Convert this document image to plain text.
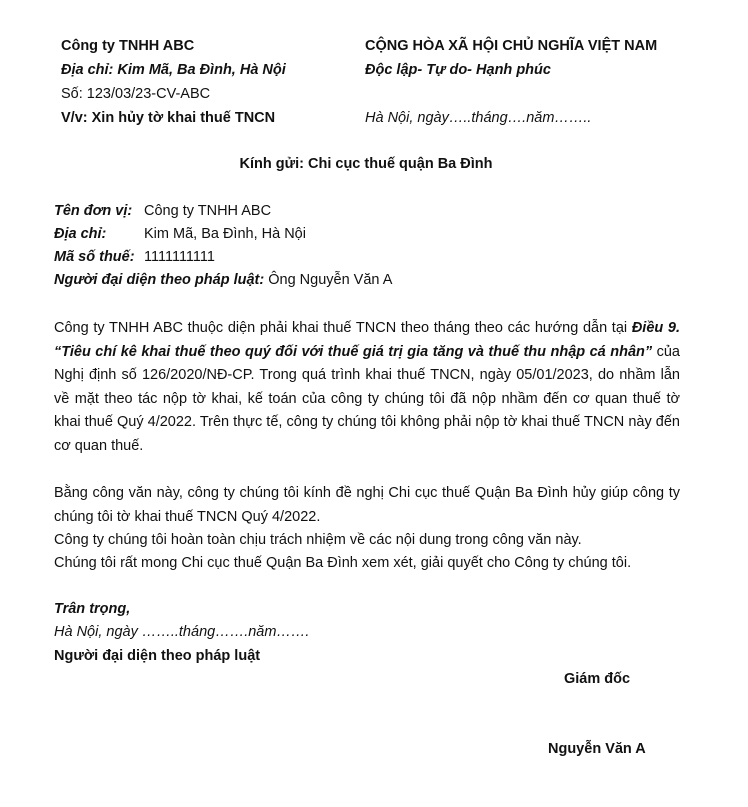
Công ty TNHH ABC
Địa chỉ: Kim Mã, Ba Đình, Hà Nội
Số: 123/03/23-CV-ABC
V/v: Xin hủy tờ khai thuế TNCN
CỘNG HÒA XÃ HỘI CHỦ NGHĨA VIỆT NAM
Độc lập- Tự do- Hạnh phúc
Hà Nội, ngày…..tháng….năm……..
Kính gửi: Chi cục thuế quận Ba Đình
Tên đơn vị: Công ty TNHH ABC
Địa chỉ:	Kim Mã, Ba Đình, Hà Nội
Mã số thuế: 1111111111
Người đại diện theo pháp luật: Ông Nguyễn Văn A
Công ty TNHH ABC thuộc diện phải khai thuế TNCN theo tháng theo các hướng dẫn tại Điều 9. “Tiêu chí kê khai thuế theo quý đối với thuế giá trị gia tăng và thuế thu nhập cá nhân” của Nghị định số 126/2020/NĐ-CP. Trong quá trình khai thuế TNCN, ngày 05/01/2023, do nhầm lẫn về mặt theo tác nộp tờ khai, kế toán của công ty chúng tôi đã nộp nhầm đến cơ quan thuế tờ khai thuế Quý 4/2022. Trên thực tế, công ty chúng tôi không phải nộp tờ khai thuế TNCN này đến cơ quan thuế.
Bằng công văn này, công ty chúng tôi kính đề nghị Chi cục thuế Quận Ba Đình hủy giúp công ty chúng tôi tờ khai thuế TNCN Quý 4/2022.
Công ty chúng tôi hoàn toàn chịu trách nhiệm về các nội dung trong công văn này.
Chúng tôi rất mong Chi cục thuế Quận Ba Đình xem xét, giải quyết cho Công ty chúng tôi.
Trân trọng,
Hà Nội, ngày ……..tháng…….năm…….
Người đại diện theo pháp luật
Giám đốc
Nguyễn Văn A
